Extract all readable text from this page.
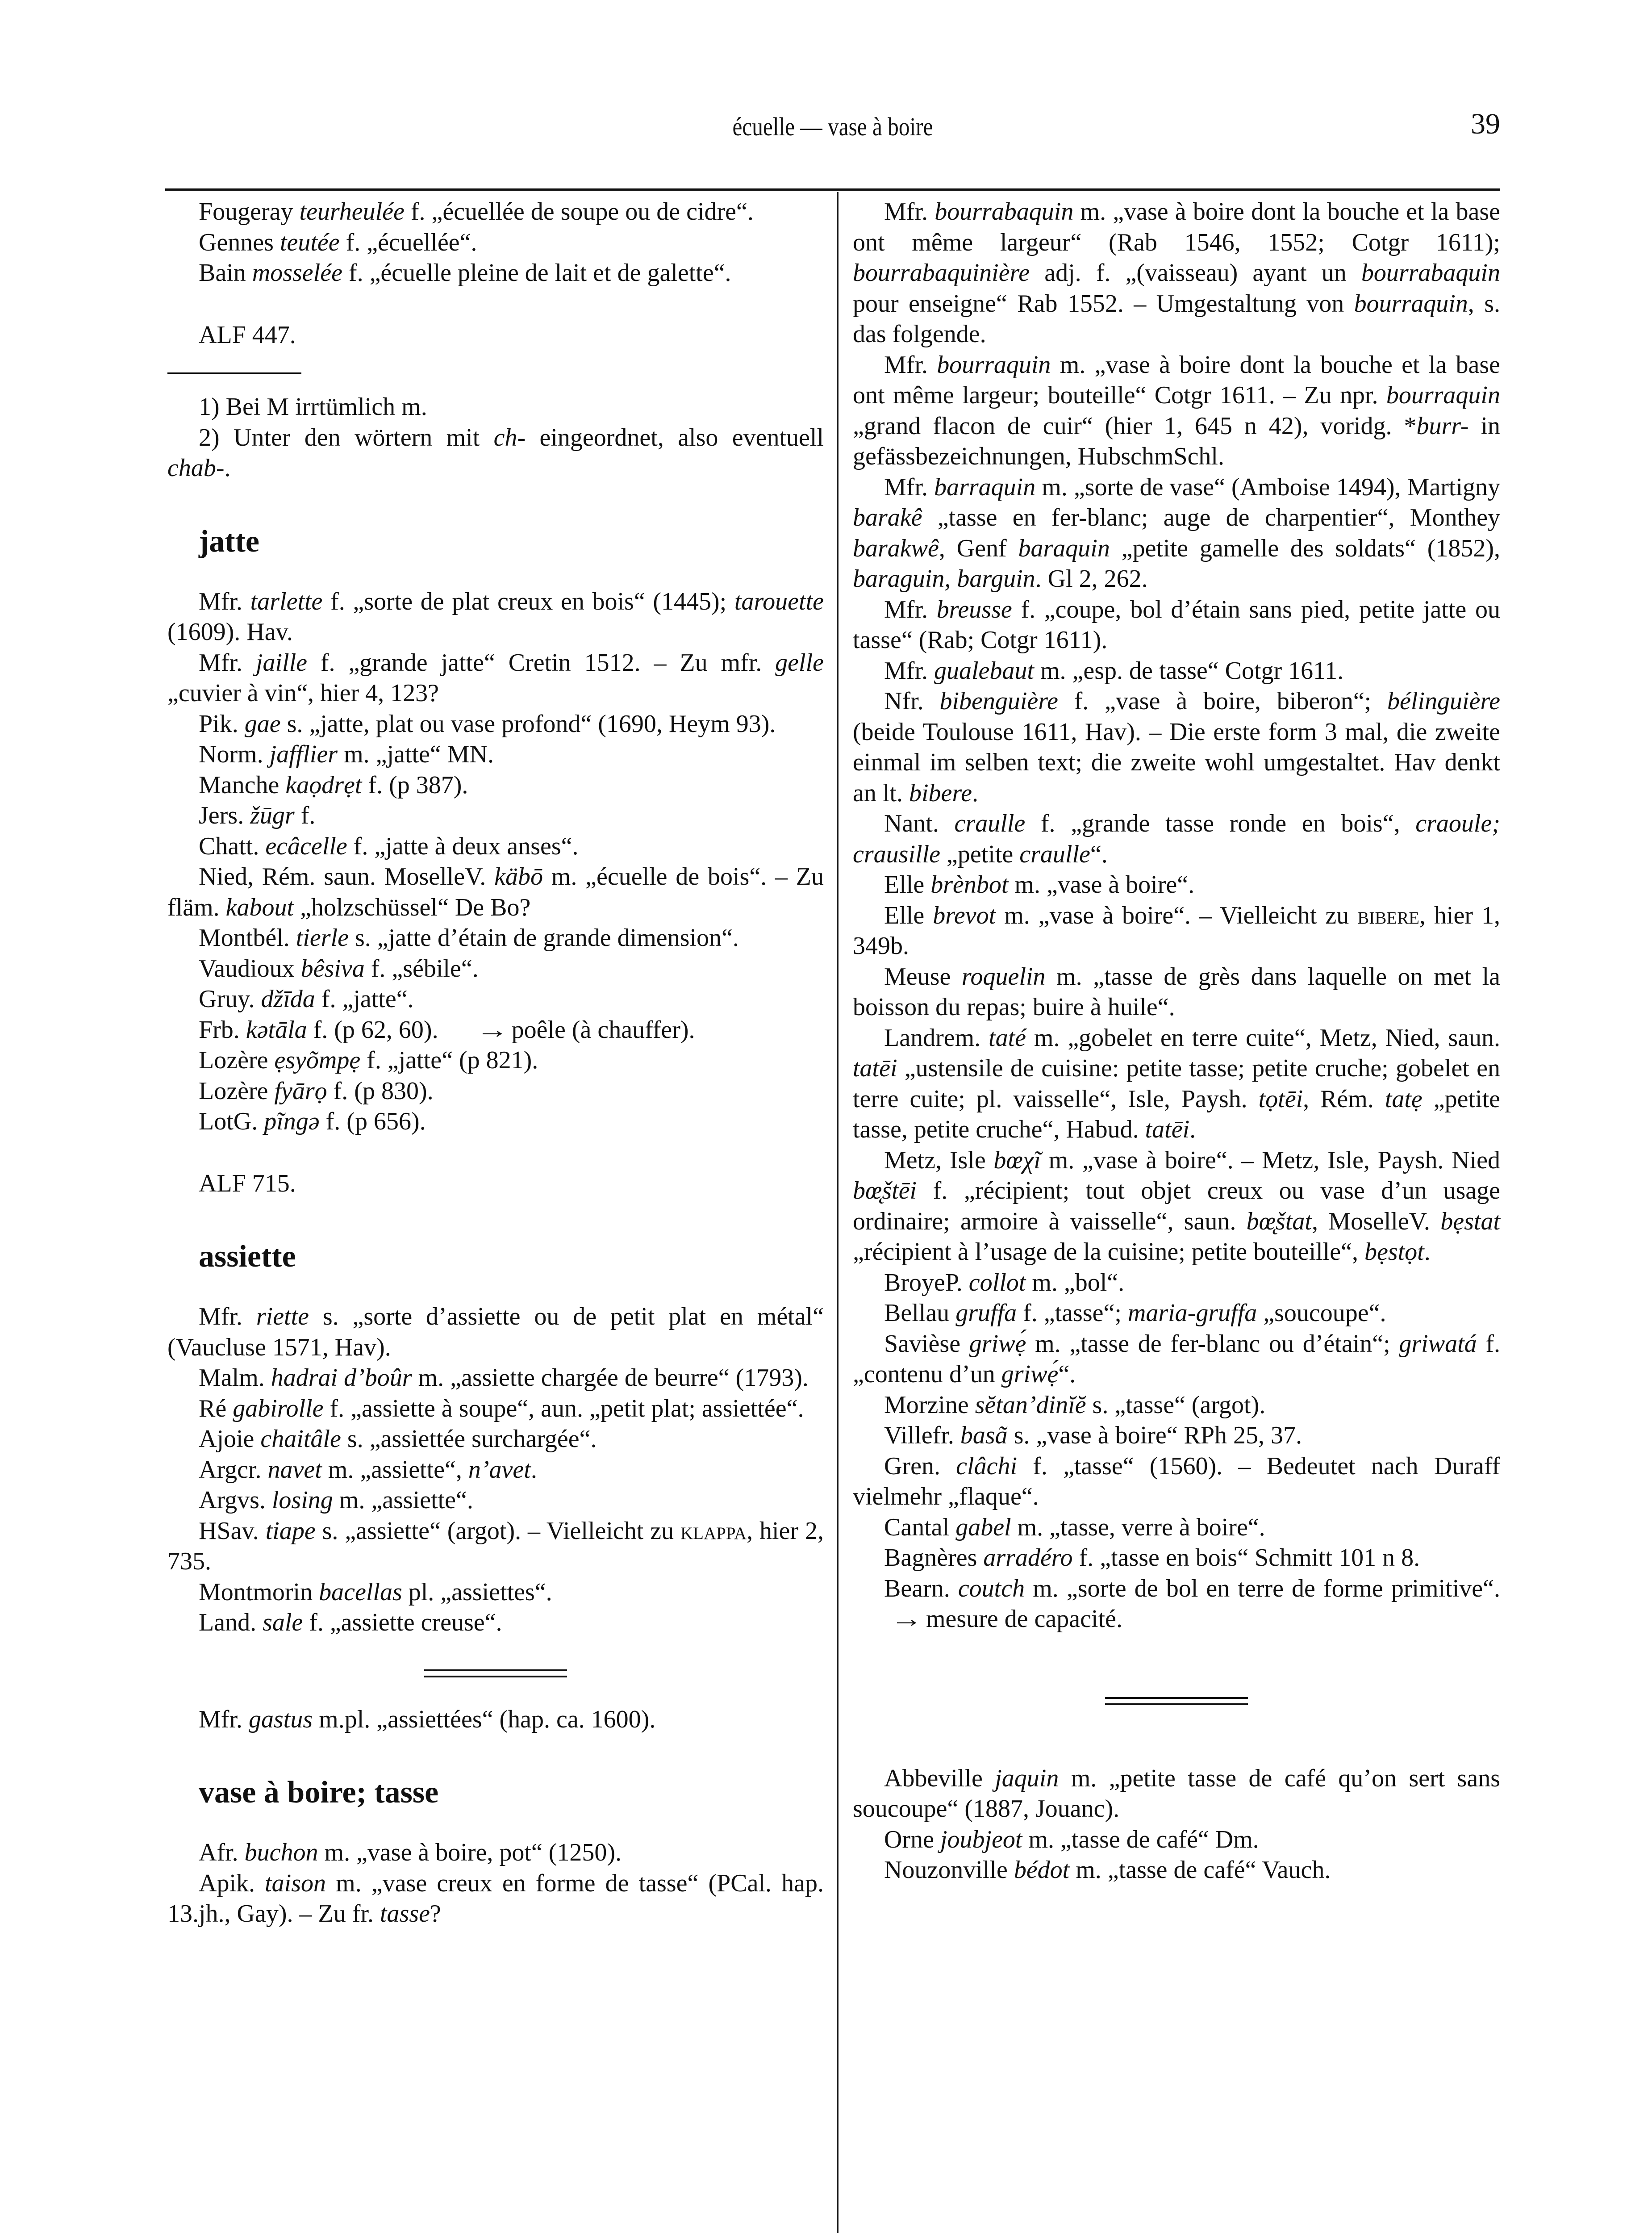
écuelle — vase à boire	39

Fougeray teurheulée f. „écuellée de soupe ou de cidre“.

Gennes teutée f. „écuellée“.

Bain mosselée f. „écuelle pleine de lait et de galette“.

ALF 447.

1) Bei M irrtümlich m.

2) Unter den wörtern mit ch- eingeordnet, also eventuell chab-.

jatte

Mfr. tarlette f. „sorte de plat creux en bois“ (1445); tarouette (1609). Hav.

Mfr. jaille f. „grande jatte“ Cretin 1512. – Zu mfr. gelle „cuvier à vin“, hier 4, 123?

Pik. gae s. „jatte, plat ou vase profond“ (1690, Heym 93).

Norm. jafflier m. „jatte“ MN.

Manche kaọdrẹt f. (p 387).

Jers. žūgr f.

Chatt. ecâcelle f. „jatte à deux anses“.

Nied, Rém. saun. MoselleV. käbō m. „écuelle de bois“. – Zu fläm. kabout „holzschüssel“ De Bo?

Montbél. tierle s. „jatte d’étain de grande dimension“.

Vaudioux bêsiva f. „sébile“.

Gruy. džīda f. „jatte“.

Frb. kətāla f. (p 62, 60). → poêle (à chauffer).

Lozère ẹsyõmpẹ f. „jatte“ (p 821).

Lozère fyārọ f. (p 830).

LotG. pĩngə f. (p 656).

ALF 715.

assiette

Mfr. riette s. „sorte d’assiette ou de petit plat en métal“ (Vaucluse 1571, Hav).

Malm. hadrai d’boûr m. „assiette chargée de beurre“ (1793).

Ré gabirolle f. „assiette à soupe“, aun. „petit plat; assiettée“.

Ajoie chaitâle s. „assiettée surchargée“.

Argcr. navet m. „assiette“, n’avet.

Argvs. losing m. „assiette“.

HSav. tiape s. „assiette“ (argot). – Vielleicht zu klappa, hier 2, 735.

Montmorin bacellas pl. „assiettes“.

Land. sale f. „assiette creuse“.

Mfr. gastus m.pl. „assiettées“ (hap. ca. 1600).

vase à boire; tasse

Afr. buchon m. „vase à boire, pot“ (1250).

Apik. taison m. „vase creux en forme de tasse“ (PCal. hap. 13.jh., Gay). – Zu fr. tasse?

Mfr. bourrabaquin m. „vase à boire dont la bouche et la base ont même largeur“ (Rab 1546, 1552; Cotgr 1611); bourrabaquinière adj. f. „(vaisseau) ayant un bourrabaquin pour enseigne“ Rab 1552. – Umgestaltung von bourraquin, s. das folgende.

Mfr. bourraquin m. „vase à boire dont la bouche et la base ont même largeur; bouteille“ Cotgr 1611. – Zu npr. bourraquin „grand flacon de cuir“ (hier 1, 645 n 42), voridg. *burr- in gefässbezeichnungen, HubschmSchl.

Mfr. barraquin m. „sorte de vase“ (Amboise 1494), Martigny barakê „tasse en fer-blanc; auge de charpentier“, Monthey barakwê, Genf baraquin „petite gamelle des soldats“ (1852), baraguin, barguin. Gl 2, 262.

Mfr. breusse f. „coupe, bol d’étain sans pied, petite jatte ou tasse“ (Rab; Cotgr 1611).

Mfr. gualebaut m. „esp. de tasse“ Cotgr 1611.

Nfr. bibenguière f. „vase à boire, biberon“; bélinguière (beide Toulouse 1611, Hav). – Die erste form 3 mal, die zweite einmal im selben text; die zweite wohl umgestaltet. Hav denkt an lt. bibere.

Nant. craulle f. „grande tasse ronde en bois“, craoule; crausille „petite craulle“.

Elle brènbot m. „vase à boire“.

Elle brevot m. „vase à boire“. – Vielleicht zu bibere, hier 1, 349b.

Meuse roquelin m. „tasse de grès dans laquelle on met la boisson du repas; buire à huile“.

Landrem. taté m. „gobelet en terre cuite“, Metz, Nied, saun. tatēi „ustensile de cuisine: petite tasse; petite cruche; gobelet en terre cuite; pl. vaisselle“, Isle, Paysh. tọtēi, Rém. tatẹ „petite tasse, petite cruche“, Habud. tatēi.

Metz, Isle bœχĩ m. „vase à boire“. – Metz, Isle, Paysh. Nied bœ̨štēi f. „récipient; tout objet creux ou vase d’un usage ordinaire; armoire à vaisselle“, saun. bœ̨štat, MoselleV. bẹstat „récipient à l’usage de la cuisine; petite bouteille“, bẹstọt.

BroyeP. collot m. „bol“.

Bellau gruffa f. „tasse“; maria-gruffa „soucoupe“.

Savièse griwẹ́ m. „tasse de fer-blanc ou d’étain“; griwatá f. „contenu d’un griwẹ́“.

Morzine sĕtan’dinĭĕ s. „tasse“ (argot).

Villefr. basã s. „vase à boire“ RPh 25, 37.

Gren. clâchi f. „tasse“ (1560). – Bedeutet nach Duraff vielmehr „flaque“.

Cantal gabel m. „tasse, verre à boire“.

Bagnères arradéro f. „tasse en bois“ Schmitt 101 n 8.

Bearn. coutch m. „sorte de bol en terre de forme primitive“.→ mesure de capacité.

Abbeville jaquin m. „petite tasse de café qu’on sert sans soucoupe“ (1887, Jouanc).

Orne joubjeot m. „tasse de café“ Dm.

Nouzonville bédot m. „tasse de café“ Vauch.
